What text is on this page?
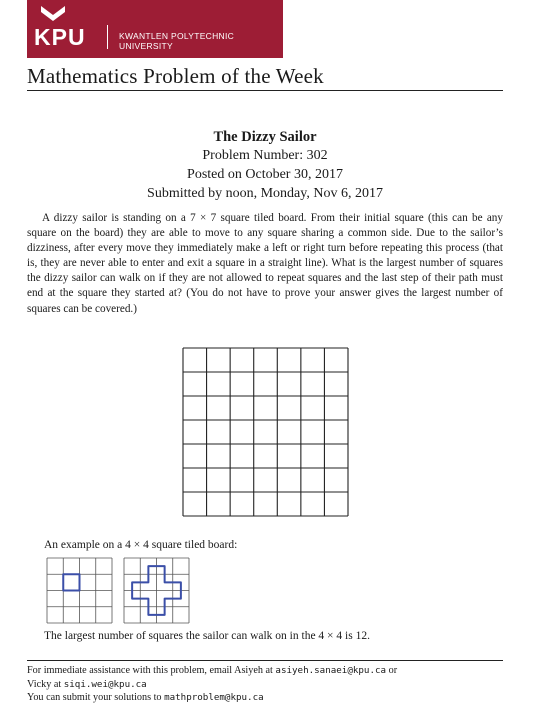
KPU	KWANTLEN POLYTECHNIC UNIVERSITY
Mathematics Problem of the Week
The Dizzy Sailor
Problem Number: 302
Posted on October 30, 2017
Submitted by noon, Monday, Nov 6, 2017

A dizzy sailor is standing on a 7 × 7 square tiled board. From their initial square (this can be any square on the board) they are able to move to any square sharing a common side. Due to the sailor’s dizziness, after every move they immediately make a left or right turn before repeating this process (that is, they are never able to enter and exit a square in a straight line). What is the largest number of squares the dizzy sailor can walk on if they are not allowed to repeat squares and the last step of their path must end at the square they started at? (You do not have to prove your answer gives the largest number of squares can be covered.)

An example on a 4 × 4 square tiled board:
The largest number of squares the sailor can walk on in the 4 × 4 is 12.
For immediate assistance with this problem, email Asiyeh at asiyeh.sanaei@kpu.ca or
Vicky at siqi.wei@kpu.ca
You can submit your solutions to mathproblem@kpu.ca
